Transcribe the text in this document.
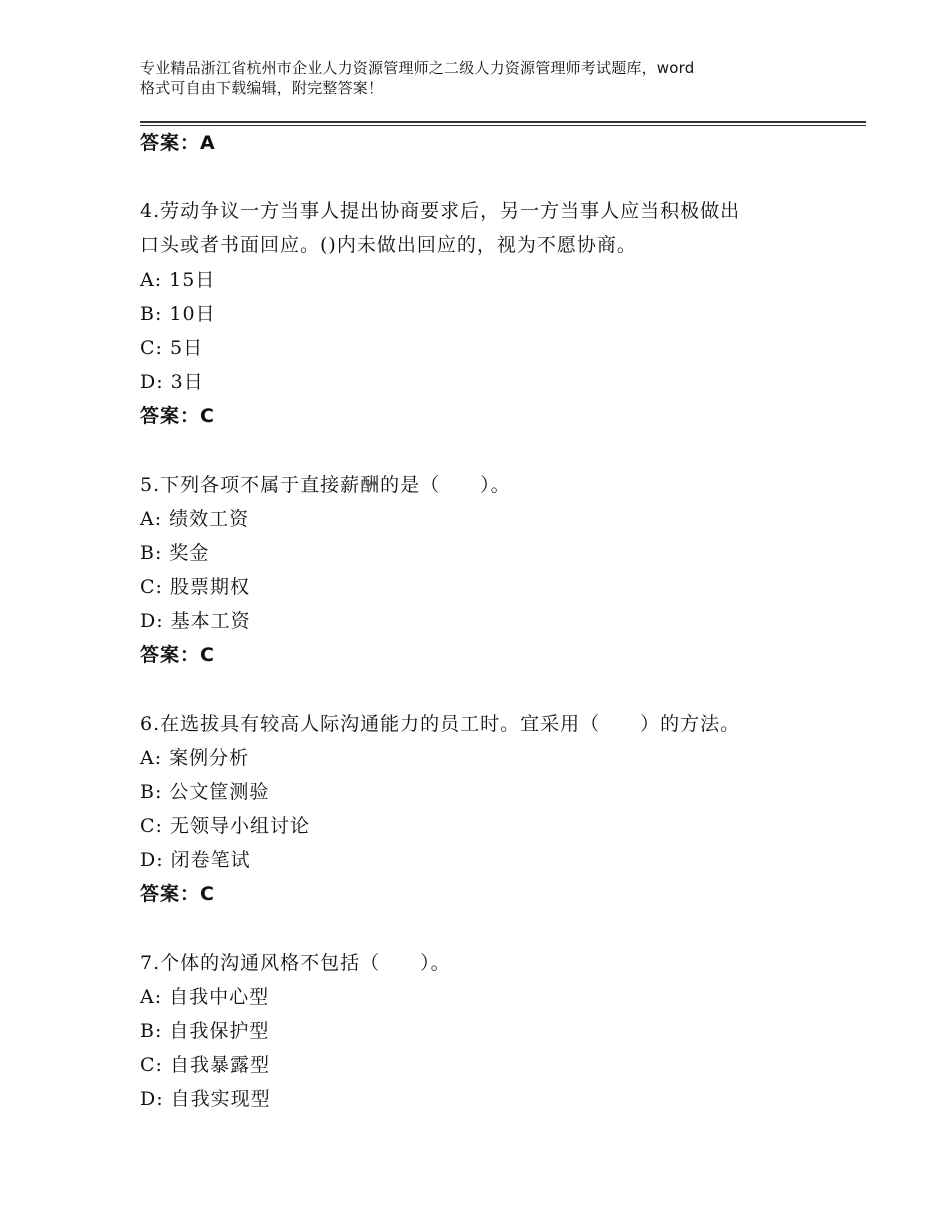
专业精品浙江省杭州市企业人力资源管理师之二级人力资源管理师考试题库，word
格式可自由下载编辑，附完整答案！
答案：A
4.劳动争议一方当事人提出协商要求后，另一方当事人应当积极做出
口头或者书面回应。()内未做出回应的，视为不愿协商。
A: 15日
B: 10日
C: 5日
D: 3日
答案：C
5.下列各项不属于直接薪酬的是（　　）。
A: 绩效工资
B: 奖金
C: 股票期权
D: 基本工资
答案：C
6.在选拔具有较高人际沟通能力的员工时。宜采用（　　）的方法。
A: 案例分析
B: 公文筐测验
C: 无领导小组讨论
D: 闭卷笔试
答案：C
7.个体的沟通风格不包括（　　）。
A: 自我中心型
B: 自我保护型
C: 自我暴露型
D: 自我实现型
